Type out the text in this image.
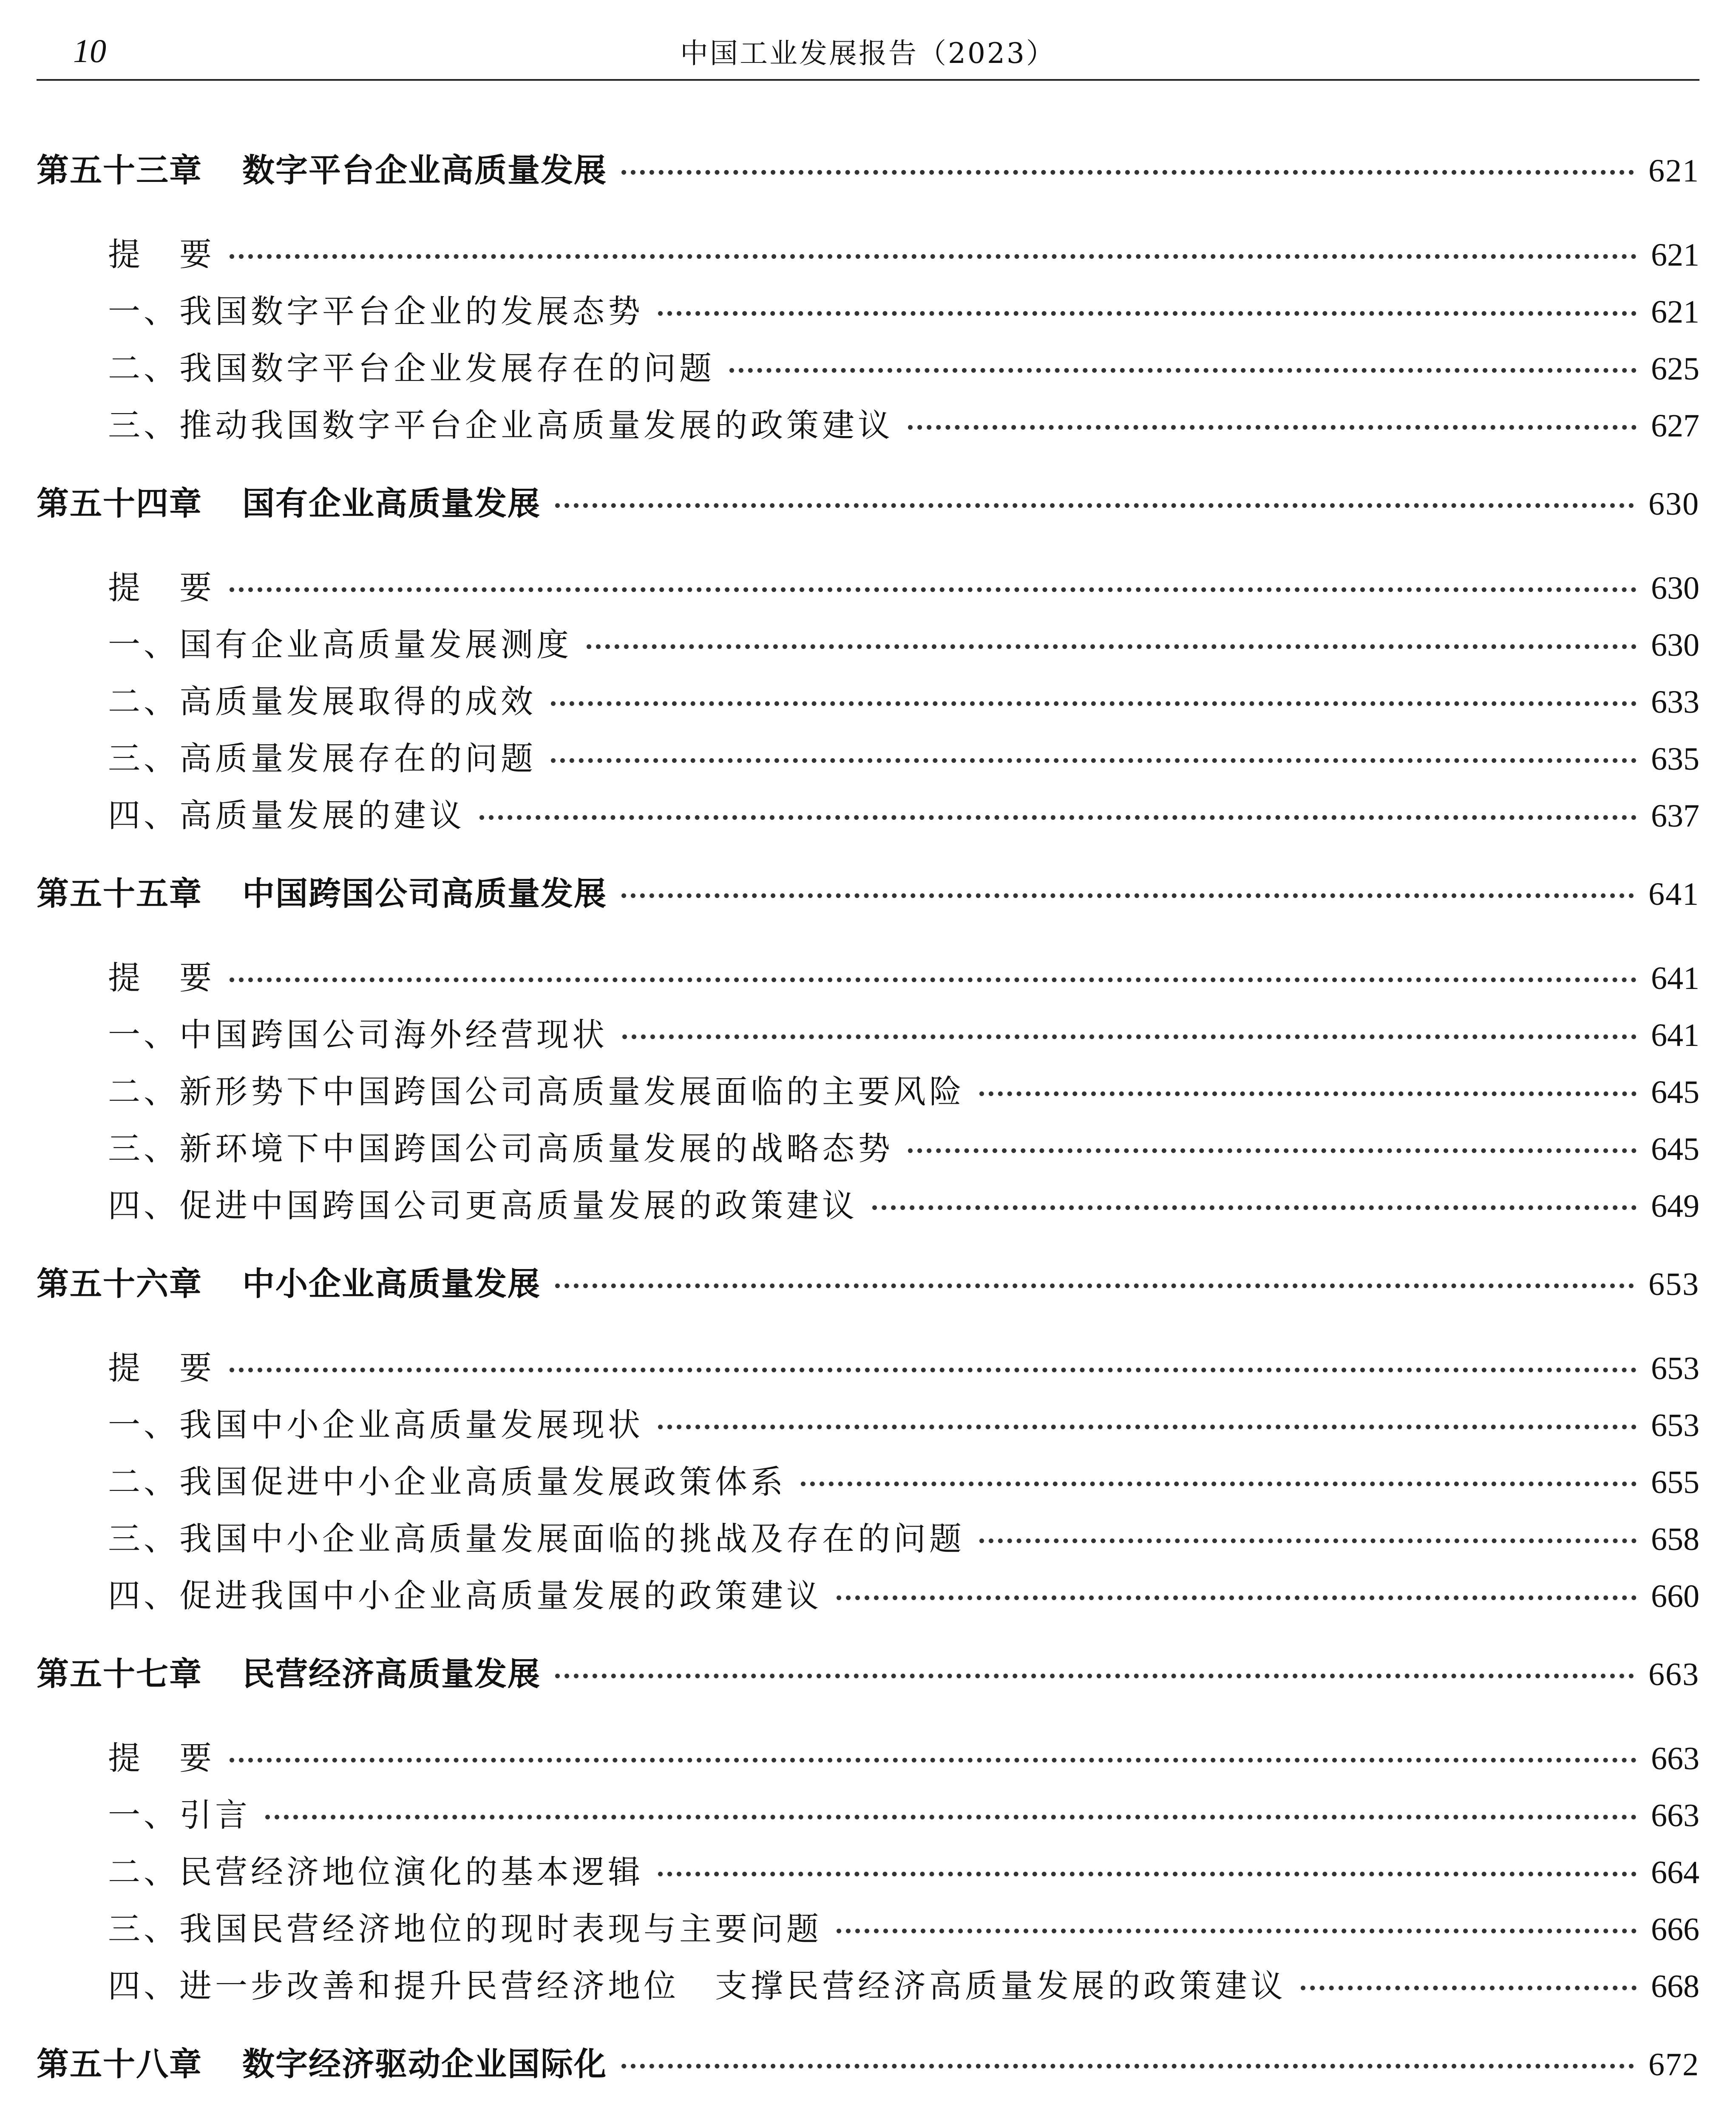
10	中国工业发展报告（2023）
第五十三章 数字平台企业高质量发展	621
提　要	621
一、我国数字平台企业的发展态势	621
二、我国数字平台企业发展存在的问题	625
三、推动我国数字平台企业高质量发展的政策建议	627
第五十四章 国有企业高质量发展	630
提　要	630
一、国有企业高质量发展测度	630
二、高质量发展取得的成效	633
三、高质量发展存在的问题	635
四、高质量发展的建议	637
第五十五章 中国跨国公司高质量发展	641
提　要	641
一、中国跨国公司海外经营现状	641
二、新形势下中国跨国公司高质量发展面临的主要风险	645
三、新环境下中国跨国公司高质量发展的战略态势	645
四、促进中国跨国公司更高质量发展的政策建议	649
第五十六章 中小企业高质量发展	653
提　要	653
一、我国中小企业高质量发展现状	653
二、我国促进中小企业高质量发展政策体系	655
三、我国中小企业高质量发展面临的挑战及存在的问题	658
四、促进我国中小企业高质量发展的政策建议	660
第五十七章 民营经济高质量发展	663
提　要	663
一、引言	663
二、民营经济地位演化的基本逻辑	664
三、我国民营经济地位的现时表现与主要问题	666
四、进一步改善和提升民营经济地位　支撑民营经济高质量发展的政策建议	668
第五十八章 数字经济驱动企业国际化	672
